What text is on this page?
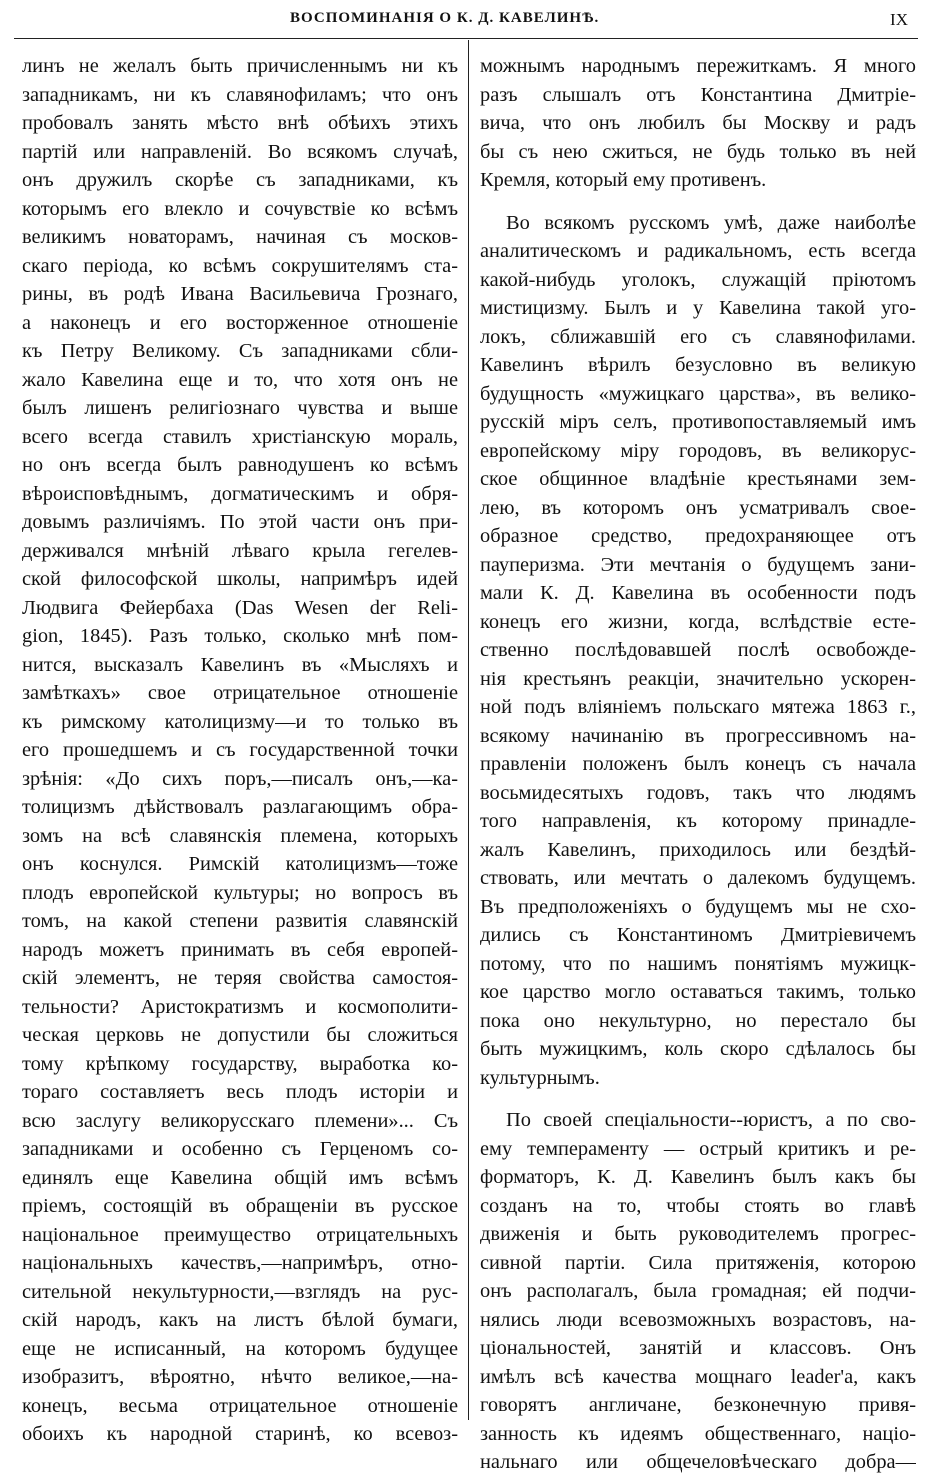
ВОСПОМИНАНIЯ О К. Д. КАВЕЛИНѢ.	IX
линъ не желалъ быть причисленнымъ ни къ
западникамъ, ни къ славянофиламъ; что онъ
пробовалъ занять мѣсто внѣ обѣихъ этихъ
партій или направленій. Во всякомъ случаѣ,
онъ дружилъ скорѣе съ западниками, къ
которымъ его влекло и сочувствіе ко всѣмъ
великимъ новаторамъ, начиная съ москов-
скаго періода, ко всѣмъ сокрушителямъ ста-
рины, въ родѣ Ивана Васильевича Грознаго,
а наконецъ и его восторженное отношеніе
къ Петру Великому. Съ западниками сбли-
жало Кавелина еще и то, что хотя онъ не
былъ лишенъ религіознаго чувства и выше
всего всегда ставилъ христіанскую мораль,
но онъ всегда былъ равнодушенъ ко всѣмъ
вѣроисповѣднымъ, догматическимъ и обря-
довымъ различіямъ. По этой части онъ при-
держивался мнѣній лѣваго крыла гегелев-
ской философской школы, напримѣръ идей
Людвига Фейербаха (Das Wesen der Reli-
gion, 1845). Разъ только, сколько мнѣ пом-
нится, высказалъ Кавелинъ въ «Мысляхъ и
замѣткахъ» свое отрицательное отношеніе
къ римскому католицизму—и то только въ
его прошедшемъ и съ государственной точки
зрѣнія: «До сихъ поръ,—писалъ онъ,—ка-
толицизмъ дѣйствовалъ разлагающимъ обра-
зомъ на всѣ славянскія племена, которыхъ
онъ коснулся. Римскій католицизмъ—тоже
плодъ европейской культуры; но вопросъ въ
томъ, на какой степени развитія славянскій
народъ можетъ принимать въ себя европей-
скій элементъ, не теряя свойства самостоя-
тельности? Аристократизмъ и космополити-
ческая церковь не допустили бы сложиться
тому крѣпкому государству, выработка ко-
тораго составляетъ весь плодъ исторіи и
всю заслугу великорусскаго племени»... Съ
западниками и особенно съ Герценомъ со-
единялъ еще Кавелина общій имъ всѣмъ
пріемъ, состоящій въ обращеніи въ русское
національное преимущество отрицательныхъ
національныхъ качествъ,—напримѣръ, отно-
сительной некультурности,—взглядъ на рус-
скій народъ, какъ на листъ бѣлой бумаги,
еще не исписанный, на которомъ будущее
изобразитъ, вѣроятно, нѣчто великое,—на-
конецъ, весьма отрицательное отношеніе
обоихъ къ народной старинѣ, ко всевоз-
можнымъ народнымъ пережиткамъ. Я много
разъ слышалъ отъ Константина Дмитріе-
вича, что онъ любилъ бы Москву и радъ
бы съ нею сжиться, не будь только въ ней
Кремля, который ему противенъ.
Во всякомъ русскомъ умѣ, даже наиболѣе
аналитическомъ и радикальномъ, есть всегда
какой-нибудь уголокъ, служащій пріютомъ
мистицизму. Былъ и у Кавелина такой уго-
локъ, сближавшій его съ славянофилами.
Кавелинъ вѣрилъ безусловно въ великую
будущность «мужицкаго царства», въ велико-
русскій міръ селъ, противопоставляемый имъ
европейскому міру городовъ, въ великорус-
ское общинное владѣніе крестьянами зем-
лею, въ которомъ онъ усматривалъ свое-
образное средство, предохраняющее отъ
пауперизма. Эти мечтанія о будущемъ зани-
мали К. Д. Кавелина въ особенности подъ
конецъ его жизни, когда, вслѣдствіе есте-
ственно послѣдовавшей послѣ освобожде-
нія крестьянъ реакціи, значительно ускорен-
ной подъ вліяніемъ польскаго мятежа 1863 г.,
всякому начинанію въ прогрессивномъ на-
правленіи положенъ былъ конецъ съ начала
восьмидесятыхъ годовъ, такъ что людямъ
того направленія, къ которому принадле-
жалъ Кавелинъ, приходилось или бездѣй-
ствовать, или мечтать о далекомъ будущемъ.
Въ предположеніяхъ о будущемъ мы не схо-
дились съ Константиномъ Дмитріевичемъ
потому, что по нашимъ понятіямъ мужицк-
кое царство могло оставаться такимъ, только
пока оно некультурно, но перестало бы
быть мужицкимъ, коль скоро сдѣлалось бы
культурнымъ.
По своей спеціальности--юристъ, а по сво-
ему темпераменту — острый критикъ и ре-
форматоръ, К. Д. Кавелинъ былъ какъ бы
созданъ на то, чтобы стоять во главѣ
движенія и быть руководителемъ прогрес-
сивной партіи. Сила притяженія, которою
онъ располагалъ, была громадная; ей подчи-
нялись люди всевозможныхъ возрастовъ, на-
ціональностей, занятій и классовъ. Онъ
имѣлъ всѣ качества мощнаго leader'a, какъ
говорятъ англичане, безконечную привя-
занность къ идеямъ общественнаго, націо-
нальнаго или общечеловѣческаго добра—
